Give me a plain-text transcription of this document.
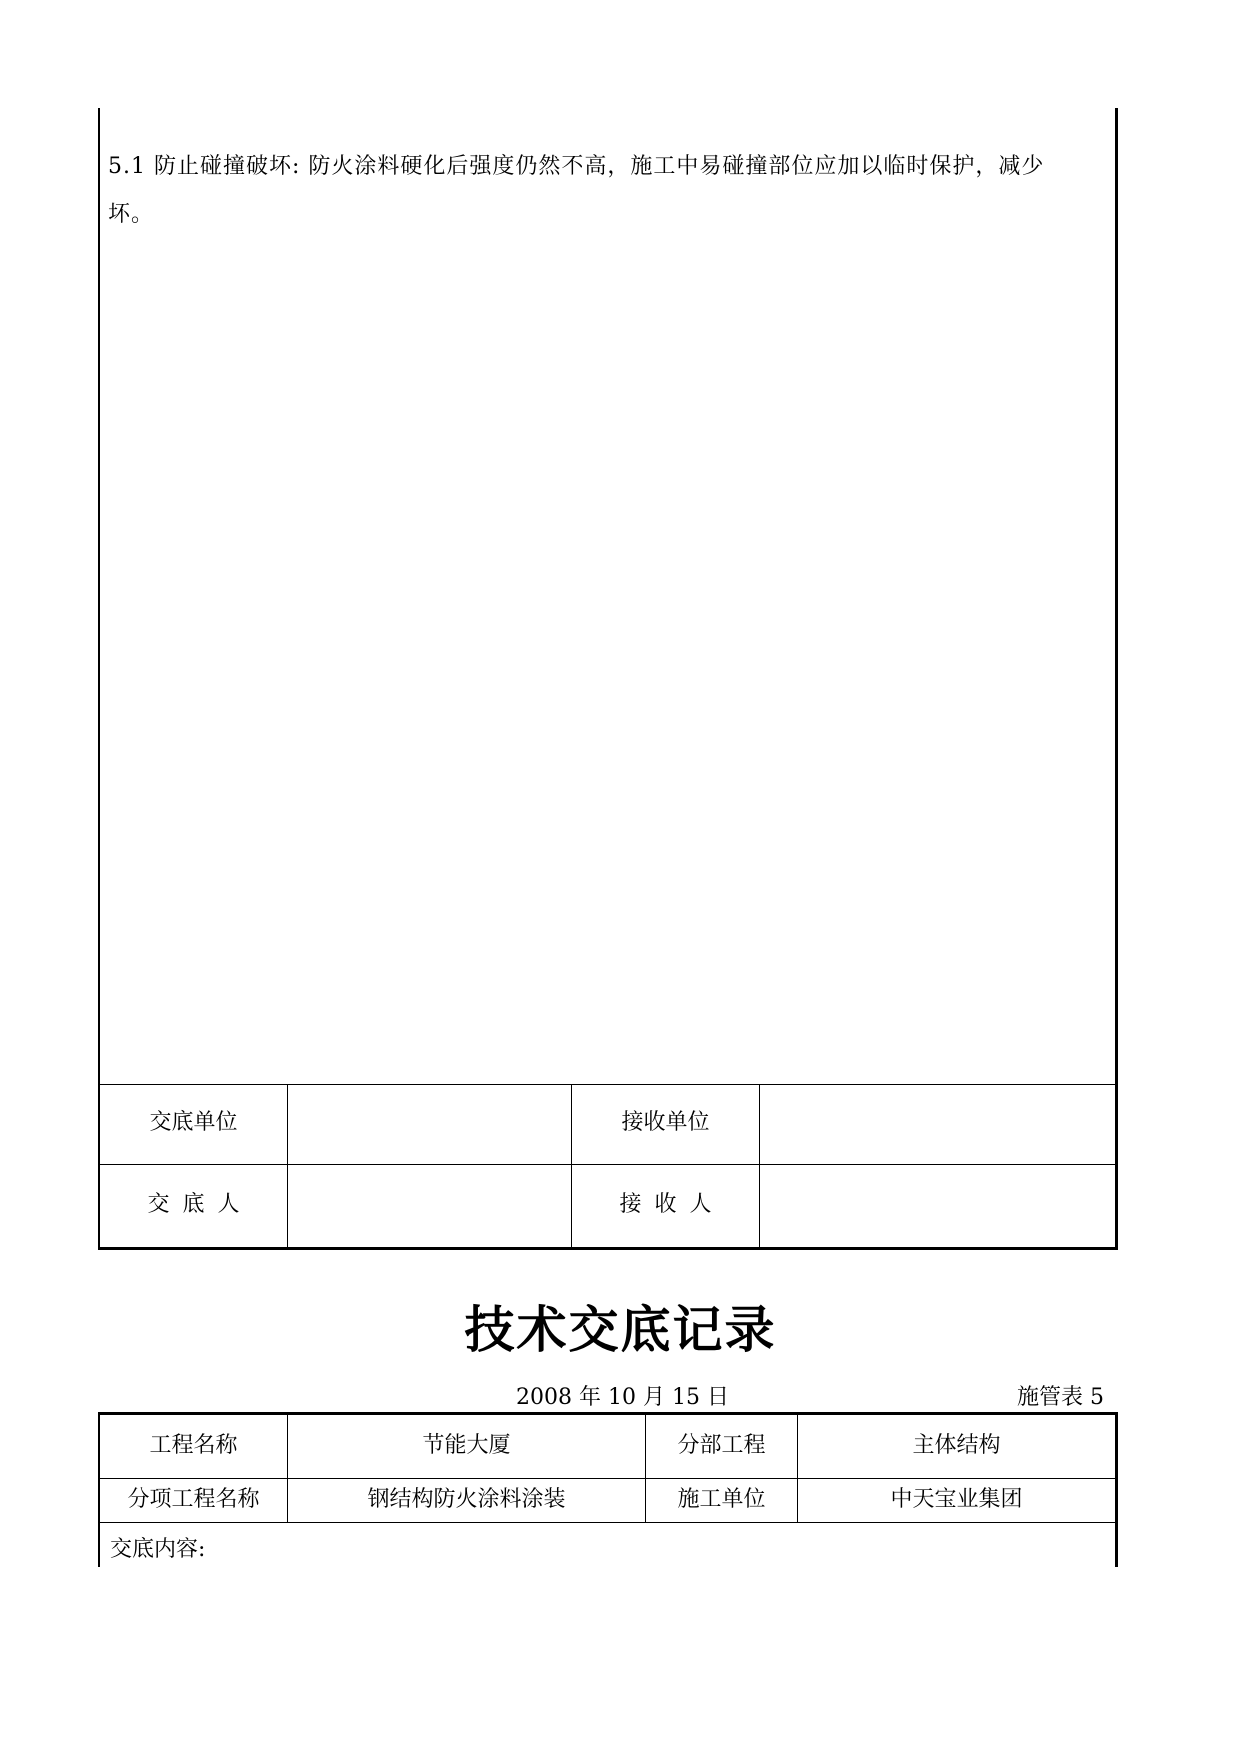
5.1 防止碰撞破坏: 防火涂料硬化后强度仍然不高，施工中易碰撞部位应加以临时保护，减少
坏。
交底单位	接收单位
交 底 人	接 收 人
技术交底记录
2008 年 10 月 15 日	施管表 5
工程名称	节能大厦	分部工程	主体结构
分项工程名称	钢结构防火涂料涂装	施工单位	中天宝业集团
交底内容:
